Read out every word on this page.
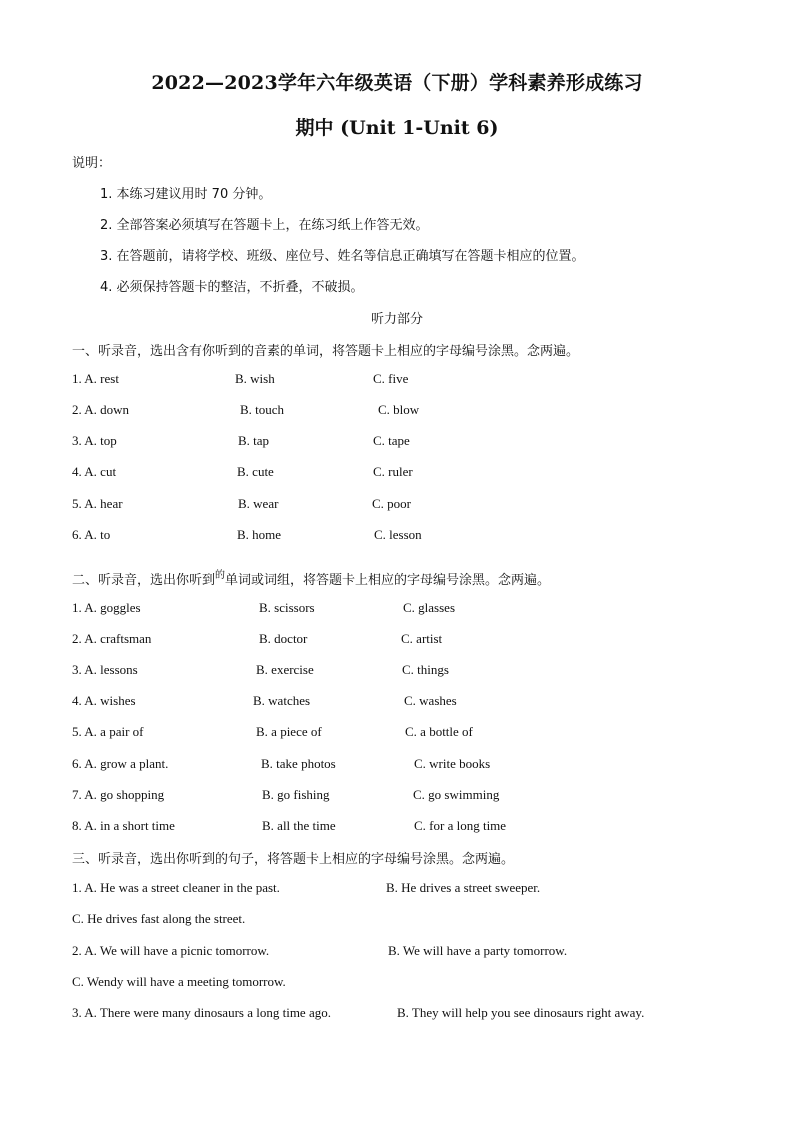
2022—2023学年六年级英语（下册）学科素养形成练习
期中 (Unit 1-Unit 6)
说明：
1. 本练习建议用时 70 分钟。
2. 全部答案必须填写在答题卡上，在练习纸上作答无效。
3. 在答题前，请将学校、班级、座位号、姓名等信息正确填写在答题卡相应的位置。
4. 必须保持答题卡的整洁，不折叠，不破损。
听力部分
一、听录音，选出含有你听到的音素的单词，将答题卡上相应的字母编号涂黑。念两遍。
1. A. rest	B. wish	C. five
2. A. down	B. touch	C. blow
3. A. top	B. tap	C. tape
4. A. cut	B. cute	C. ruler
5. A. hear	B. wear	C. poor
6. A. to	B. home	C. lesson
二、听录音，选出你听到$^的$单词或词组，将答题卡上相应的字母编号涂黑。念两遍。
1. A. goggles	B. scissors	C. glasses
2. A. craftsman	B. doctor	C. artist
3. A. lessons	B. exercise	C. things
4. A. wishes	B. watches	C. washes
5. A. a pair of	B. a piece of	C. a bottle of
6. A. grow a plant.	B. take photos	C. write books
7. A. go shopping	B. go fishing	C. go swimming
8. A. in a short time	B. all the time	C. for a long time
三、听录音，选出你听到的句子，将答题卡上相应的字母编号涂黑。念两遍。
1. A. He was a street cleaner in the past.	B. He drives a street sweeper.
C. He drives fast along the street.
2. A. We will have a picnic tomorrow.	B. We will have a party tomorrow.
C. Wendy will have a meeting tomorrow.
3. A. There were many dinosaurs a long time ago.	B. They will help you see dinosaurs right away.
